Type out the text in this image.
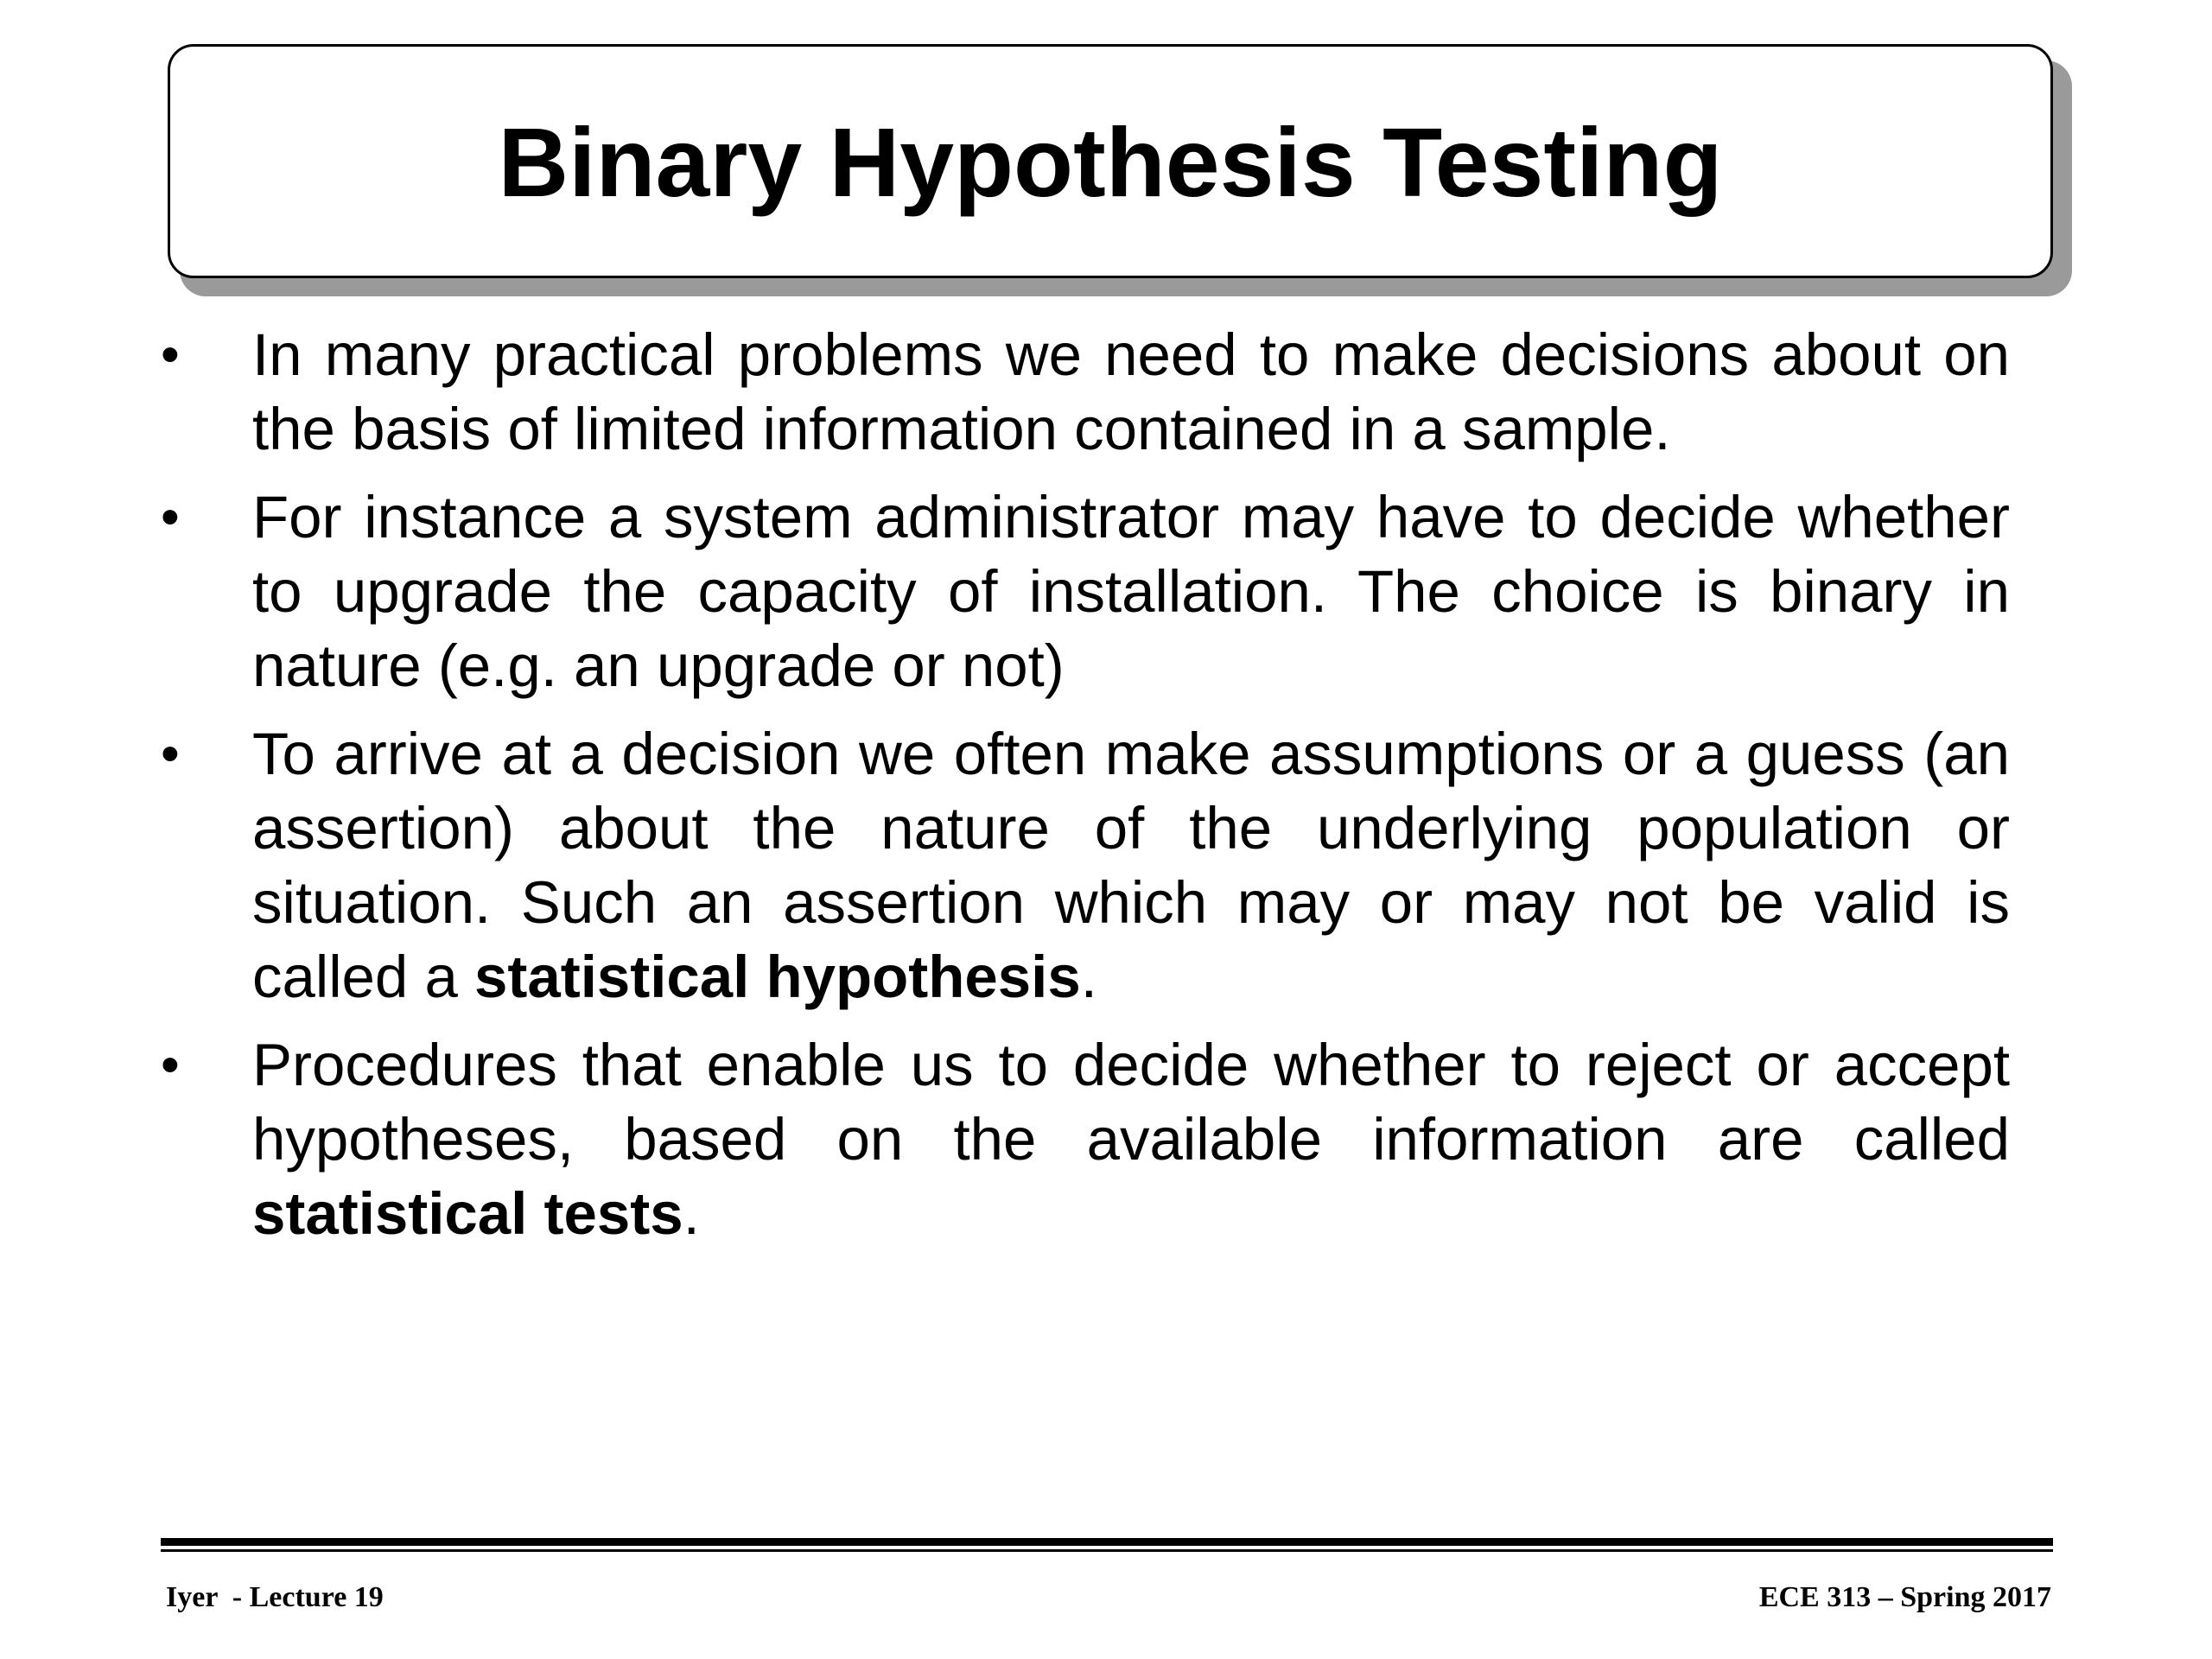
Binary Hypothesis Testing
• In many practical problems we need to make decisions about on the basis of limited information contained in a sample.
• For instance a system administrator may have to decide whether to upgrade the capacity of installation. The choice is binary in nature (e.g. an upgrade or not)
• To arrive at a decision we often make assumptions or a guess (an assertion) about the nature of the underlying population or situation. Such an assertion which may or may not be valid is called a statistical hypothesis.
• Procedures that enable us to decide whether to reject or accept hypotheses, based on the available information are called statistical tests.
Iyer  - Lecture 19	ECE 313 – Spring 2017
